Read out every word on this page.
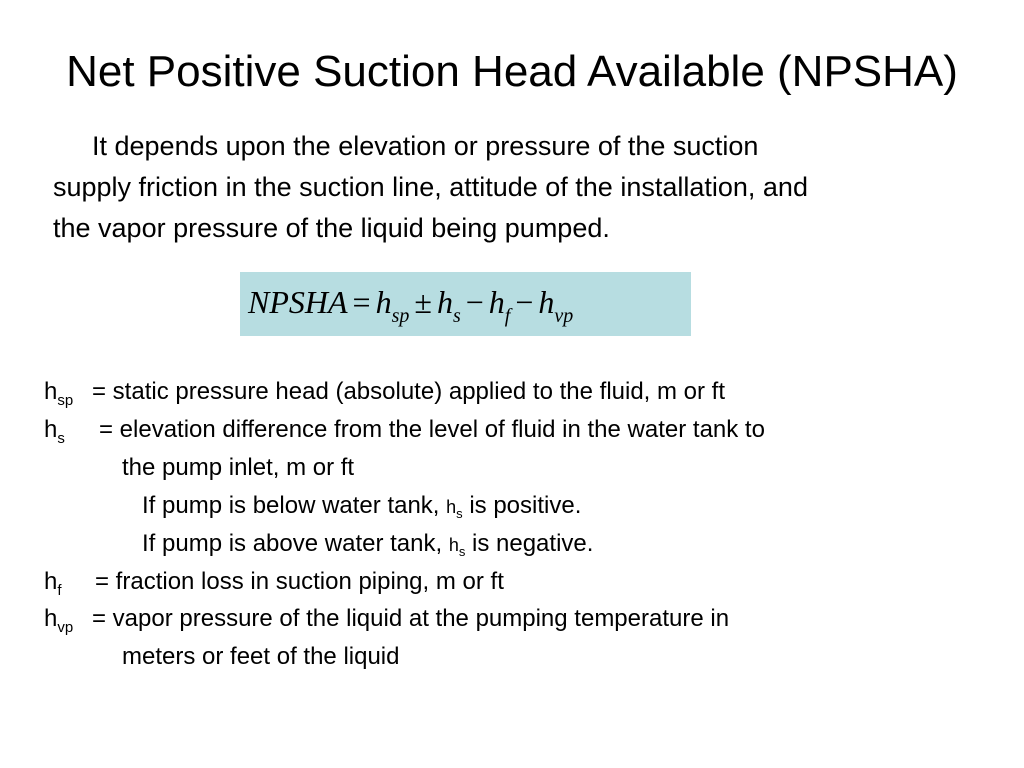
Net Positive Suction Head Available (NPSHA)
It depends upon the elevation or pressure of the suction
supply friction in the suction line, attitude of the installation, and
the vapor pressure of the liquid being pumped.
NPSHA = $h_{sp} \pm h_s - h_f - h_{vp}$
$h_{sp}$ = static pressure head (absolute) applied to the fluid, m or ft
$h_s$ = elevation difference from the level of fluid in the water tank to
the pump inlet, m or ft
If pump is below water tank, $h_s$ is positive.
If pump is above water tank, $h_s$ is negative.
$h_f$ = fraction loss in suction piping, m or ft
$h_{vp}$ = vapor pressure of the liquid at the pumping temperature in
meters or feet of the liquid
